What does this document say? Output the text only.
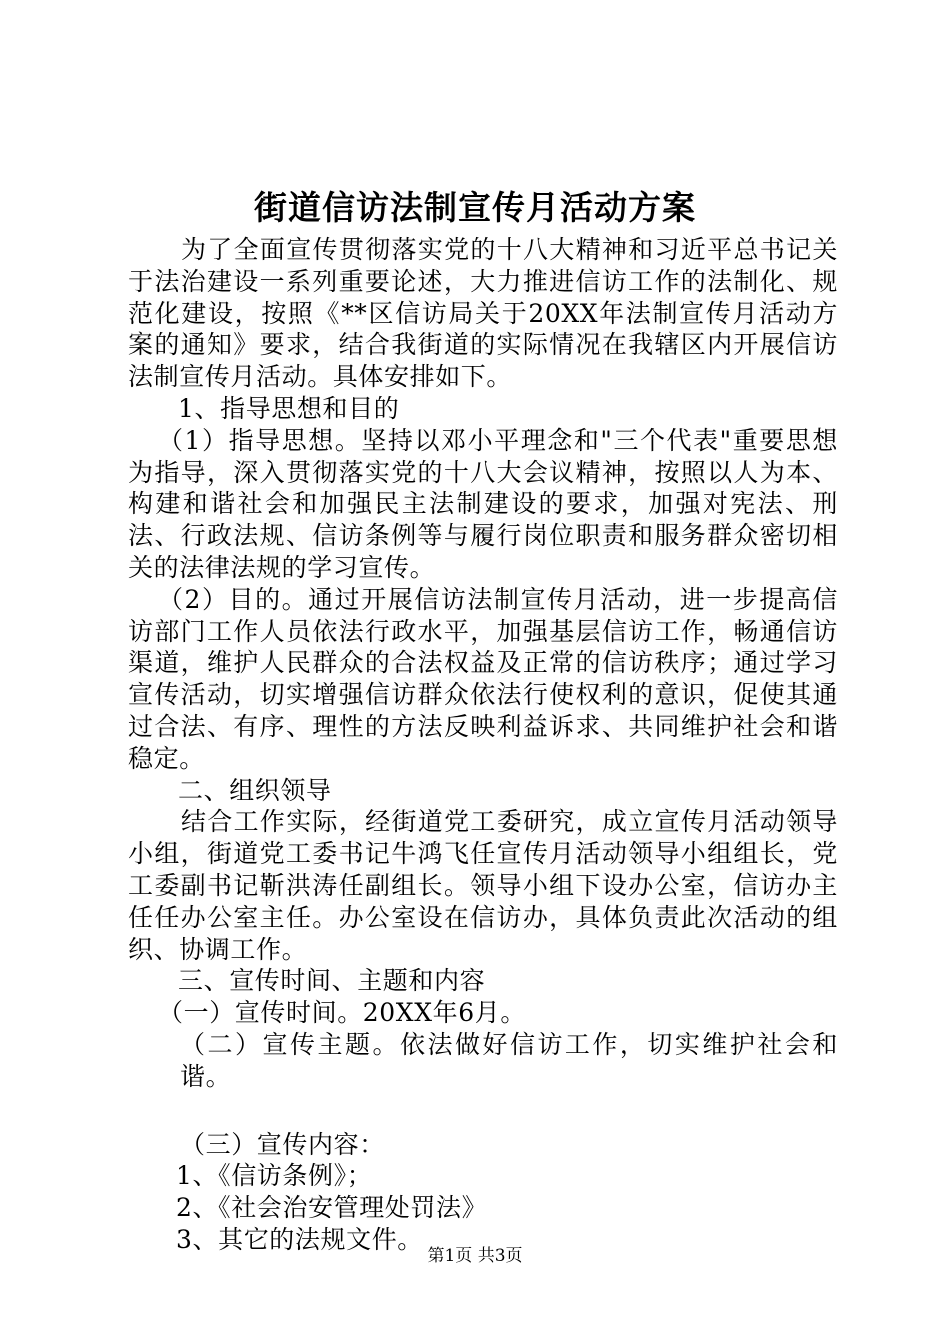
街道信访法制宣传月活动方案

为了全面宣传贯彻落实党的十八大精神和习近平总书记关于法治建设一系列重要论述，大力推进信访工作的法制化、规范化建设，按照《**区信访局关于20XX年法制宣传月活动方案的通知》要求，结合我街道的实际情况在我辖区内开展信访法制宣传月活动。具体安排如下。

1、指导思想和目的

（1）指导思想。坚持以邓小平理念和"三个代表"重要思想为指导，深入贯彻落实党的十八大会议精神，按照以人为本、构建和谐社会和加强民主法制建设的要求，加强对宪法、刑法、行政法规、信访条例等与履行岗位职责和服务群众密切相关的法律法规的学习宣传。

（2）目的。通过开展信访法制宣传月活动，进一步提高信访部门工作人员依法行政水平，加强基层信访工作，畅通信访渠道，维护人民群众的合法权益及正常的信访秩序；通过学习宣传活动，切实增强信访群众依法行使权利的意识，促使其通过合法、有序、理性的方法反映利益诉求、共同维护社会和谐稳定。

二、组织领导

结合工作实际，经街道党工委研究，成立宣传月活动领导小组，街道党工委书记牛鸿飞任宣传月活动领导小组组长，党工委副书记靳洪涛任副组长。领导小组下设办公室，信访办主任任办公室主任。办公室设在信访办，具体负责此次活动的组织、协调工作。

三、宣传时间、主题和内容

（一）宣传时间。20XX年6月。

（二）宣传主题。依法做好信访工作，切实维护社会和谐。

（三）宣传内容：

1、《信访条例》；

2、《社会治安管理处罚法》

3、其它的法规文件。

第1页 共3页
